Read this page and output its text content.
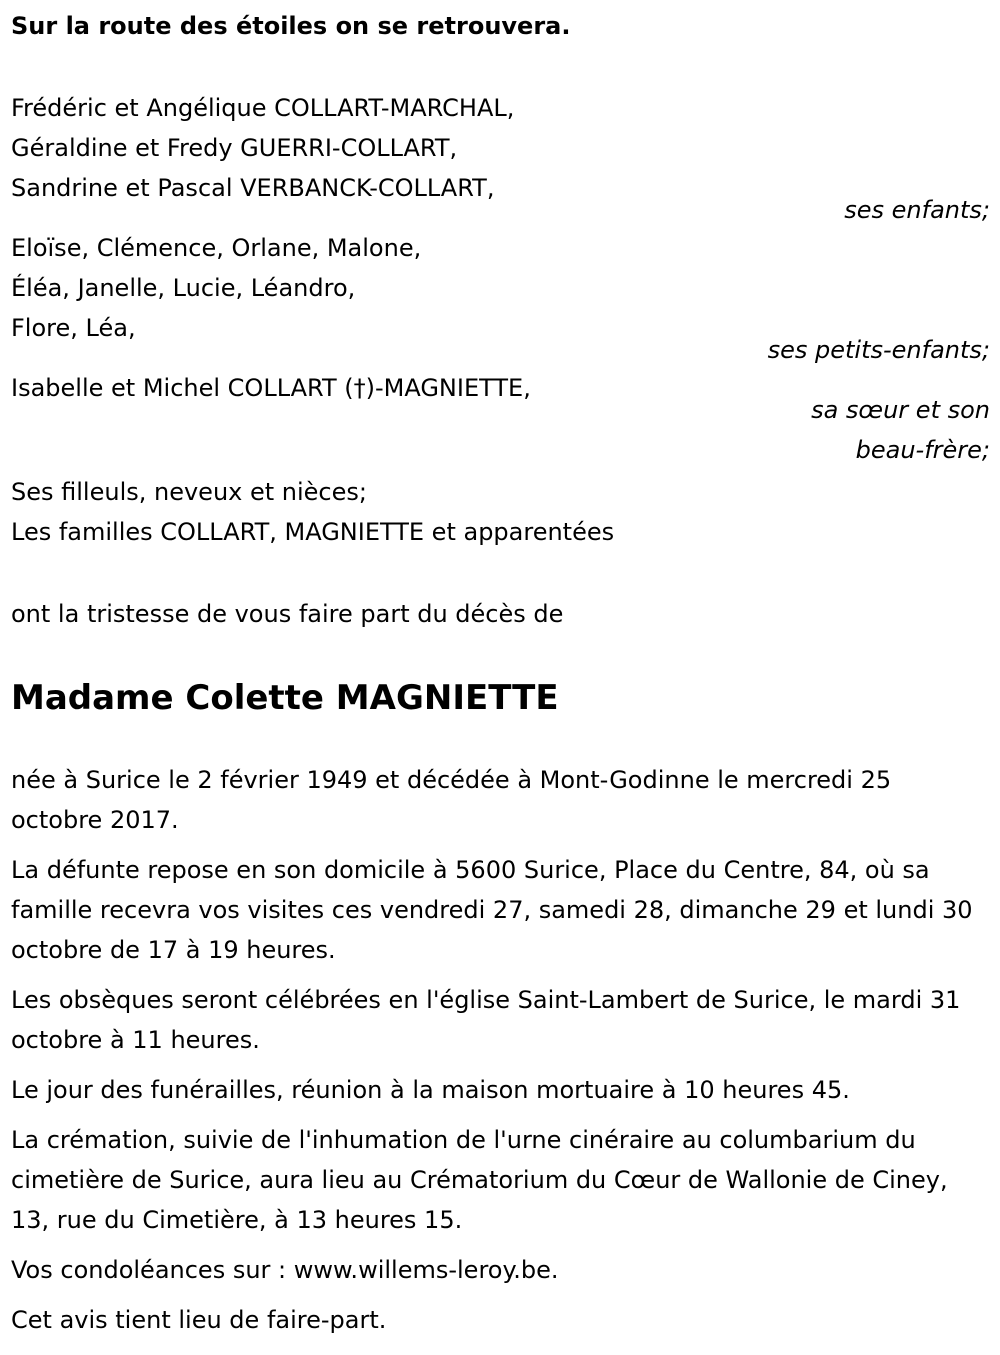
Sur la route des étoiles on se retrouvera.
Frédéric et Angélique COLLART-MARCHAL,
Géraldine et Fredy GUERRI-COLLART,
Sandrine et Pascal VERBANCK-COLLART,
ses enfants;
Eloïse, Clémence, Orlane, Malone,
Éléa, Janelle, Lucie, Léandro,
Flore, Léa,
ses petits-enfants;
Isabelle et Michel COLLART (†)-MAGNIETTE,
sa sœur et son
beau-frère;
Ses filleuls, neveux et nièces;
Les familles COLLART, MAGNIETTE et apparentées
ont la tristesse de vous faire part du décès de
Madame Colette MAGNIETTE
née à Surice le 2 février 1949 et décédée à Mont-Godinne le mercredi 25 octobre 2017.
La défunte repose en son domicile à 5600 Surice, Place du Centre, 84, où sa famille recevra vos visites ces vendredi 27, samedi 28, dimanche 29 et lundi 30 octobre de 17 à 19 heures.
Les obsèques seront célébrées en l'église Saint-Lambert de Surice, le mardi 31 octobre à 11 heures.
Le jour des funérailles, réunion à la maison mortuaire à 10 heures 45.
La crémation, suivie de l'inhumation de l'urne cinéraire au columbarium du cimetière de Surice, aura lieu au Crématorium du Cœur de Wallonie de Ciney, 13, rue du Cimetière, à 13 heures 15.
Vos condoléances sur : www.willems-leroy.be.
Cet avis tient lieu de faire-part.
